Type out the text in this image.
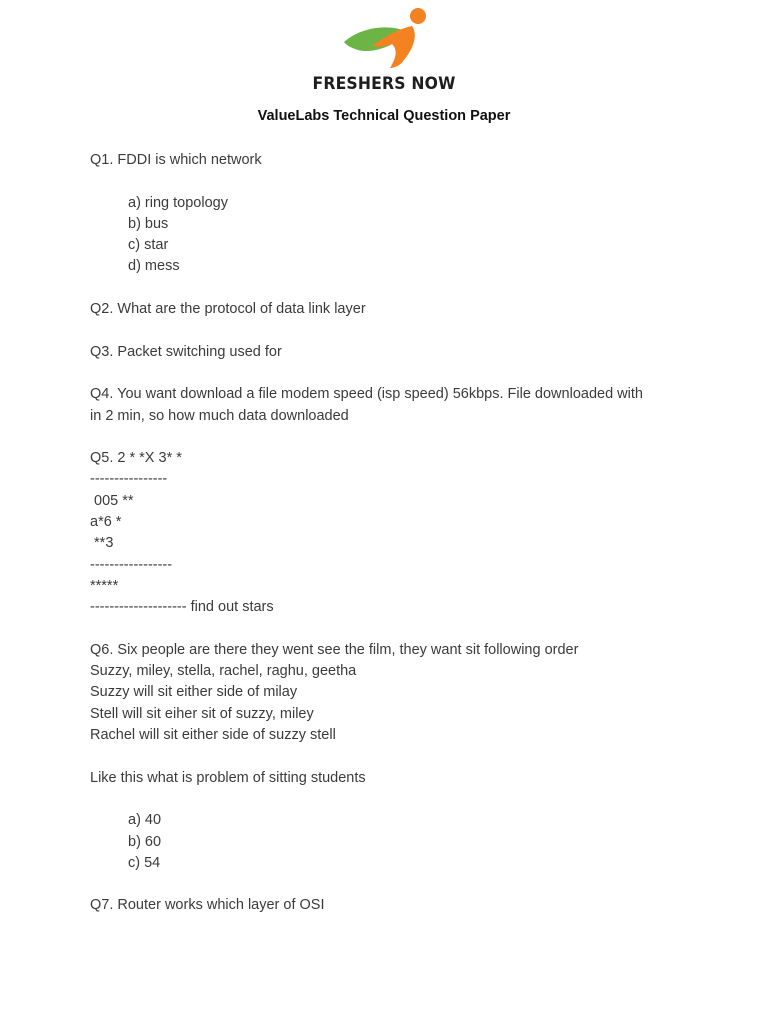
FRESHERS NOW
ValueLabs Technical Question Paper

Q1. FDDI is which network

a) ring topology

b) bus

c) star

d) mess

Q2. What are the protocol of data link layer

Q3. Packet switching used for

Q4. You want download a file modem speed (isp speed) 56kbps. File downloaded with

in 2 min, so how much data downloaded

Q5. 2 * *X 3* *

----------------

005 **

a*6 *

**3

-----------------

*****

-------------------- find out stars

Q6. Six people are there they went see the film, they want sit following order

Suzzy, miley, stella, rachel, raghu, geetha

Suzzy will sit either side of milay

Stell will sit eiher sit of suzzy, miley

Rachel will sit either side of suzzy stell

Like this what is problem of sitting students

a) 40

b) 60

c) 54

Q7. Router works which layer of OSI
